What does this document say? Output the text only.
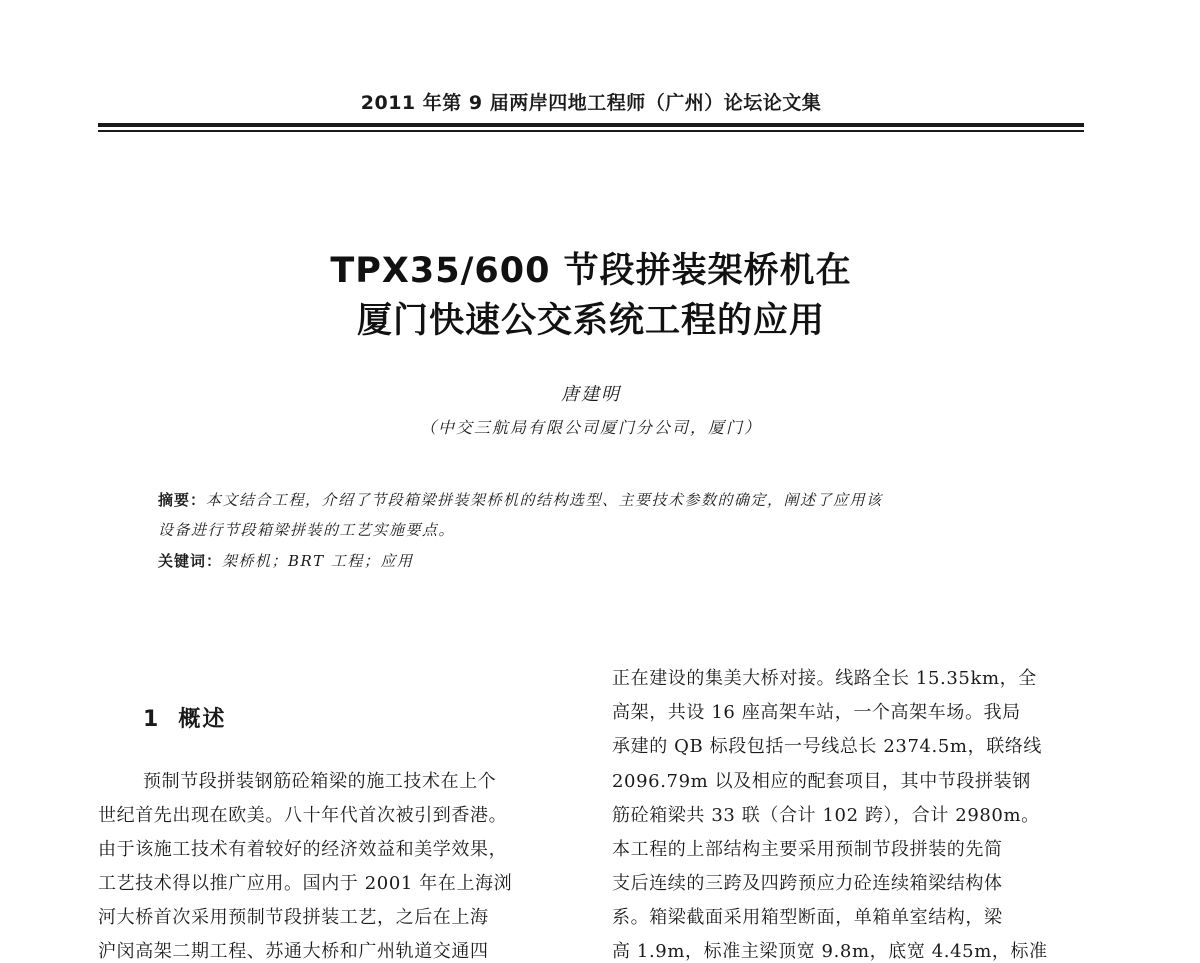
2011 年第 9 届两岸四地工程师（广州）论坛论文集
TPX35/600 节段拼装架桥机在
厦门快速公交系统工程的应用
唐建明
（中交三航局有限公司厦门分公司，厦门）
摘要：本文结合工程，介绍了节段箱梁拼装架桥机的结构选型、主要技术参数的确定，阐述了应用该
设备进行节段箱梁拼装的工艺实施要点。
关键词：架桥机；BRT 工程；应用
1 概述
预制节段拼装钢筋砼箱梁的施工技术在上个
世纪首先出现在欧美。八十年代首次被引到香港。
由于该施工技术有着较好的经济效益和美学效果，
工艺技术得以推广应用。国内于 2001 年在上海浏
河大桥首次采用预制节段拼装工艺，之后在上海
沪闵高架二期工程、苏通大桥和广州轨道交通四
正在建设的集美大桥对接。线路全长 15.35km，全
高架，共设 16 座高架车站，一个高架车场。我局
承建的 QB 标段包括一号线总长 2374.5m，联络线
2096.79m 以及相应的配套项目，其中节段拼装钢
筋砼箱梁共 33 联（合计 102 跨），合计 2980m。
本工程的上部结构主要采用预制节段拼装的先简
支后连续的三跨及四跨预应力砼连续箱梁结构体
系。箱梁截面采用箱型断面，单箱单室结构，梁
高 1.9m，标准主梁顶宽 9.8m，底宽 4.45m，标准
